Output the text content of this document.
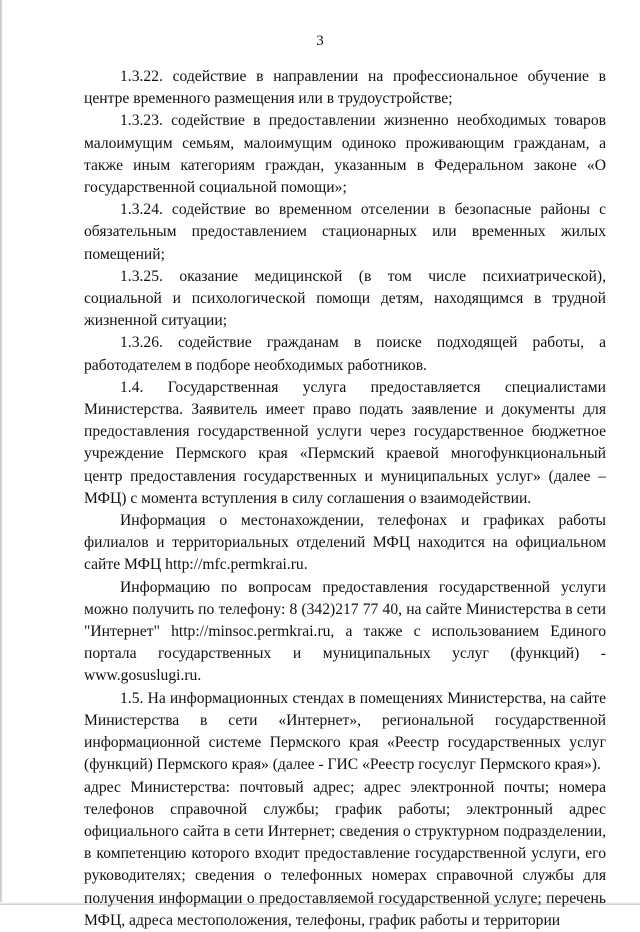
3

1.3.22. содействие в направлении на профессиональное обучение в центре временного размещения или в трудоустройстве;

1.3.23. содействие в предоставлении жизненно необходимых товаров малоимущим семьям, малоимущим одиноко проживающим гражданам, а также иным категориям граждан, указанным в Федеральном законе «О государственной социальной помощи»;

1.3.24. содействие во временном отселении в безопасные районы с обязательным предоставлением стационарных или временных жилых помещений;

1.3.25. оказание медицинской (в том числе психиатрической), социальной и психологической помощи детям, находящимся в трудной жизненной ситуации;

1.3.26. содействие гражданам в поиске подходящей работы, а работодателем в подборе необходимых работников.

1.4. Государственная услуга предоставляется специалистами Министерства. Заявитель имеет право подать заявление и документы для предоставления государственной услуги через государственное бюджетное учреждение Пермского края «Пермский краевой многофункциональный центр предоставления государственных и муниципальных услуг» (далее – МФЦ) с момента вступления в силу соглашения о взаимодействии.

Информация о местонахождении, телефонах и графиках работы филиалов и территориальных отделений МФЦ находится на официальном сайте МФЦ http://mfc.permkrai.ru.

Информацию по вопросам предоставления государственной услуги можно получить по телефону: 8 (342)217 77 40, на сайте Министерства в сети "Интернет" http://minsoc.permkrai.ru, а также с использованием Единого портала государственных и муниципальных услуг (функций) - www.gosuslugi.ru.

1.5. На информационных стендах в помещениях Министерства, на сайте Министерства в сети «Интернет», региональной государственной информационной системе Пермского края «Реестр государственных услуг (функций) Пермского края» (далее - ГИС «Реестр госуслуг Пермского края»).

адрес Министерства: почтовый адрес; адрес электронной почты; номера телефонов справочной службы; график работы; электронный адрес официального сайта в сети Интернет; сведения о структурном подразделении, в компетенцию которого входит предоставление государственной услуги, его руководителях; сведения о телефонных номерах справочной службы для получения информации о предоставляемой государственной услуге; перечень МФЦ, адреса местоположения, телефоны, график работы и территории
